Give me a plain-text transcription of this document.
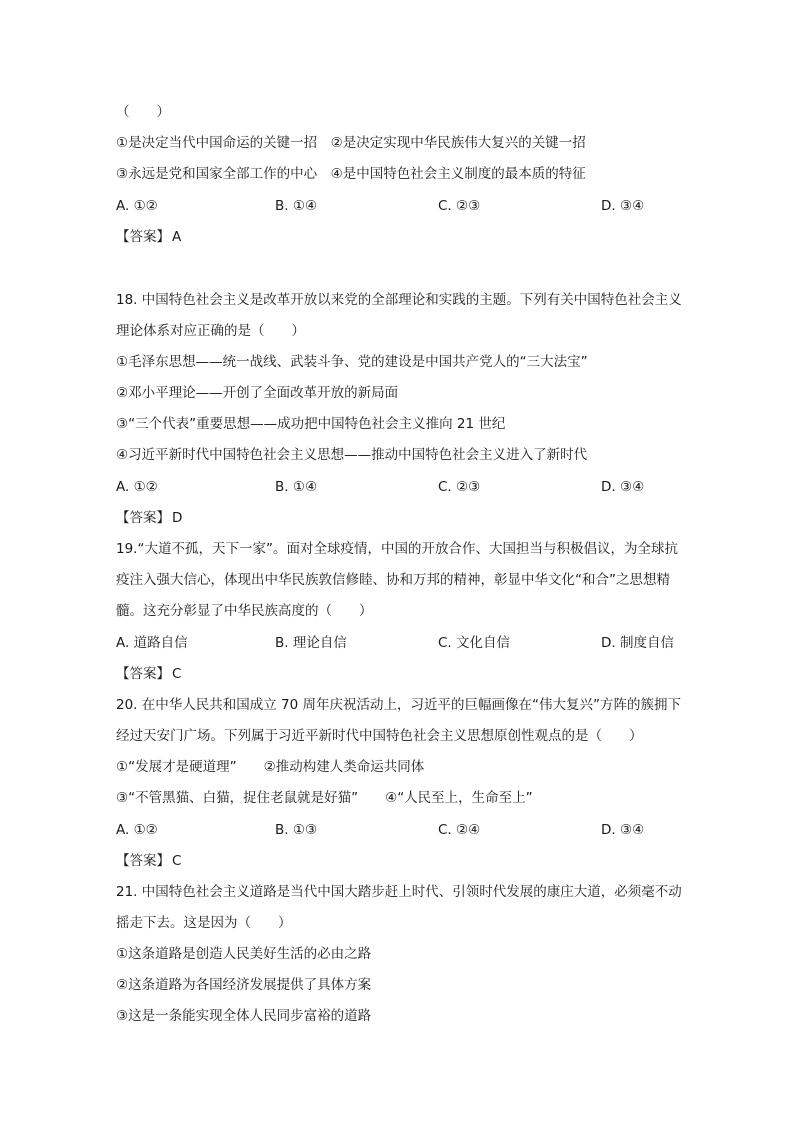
（　　）
①是决定当代中国命运的关键一招　②是决定实现中华民族伟大复兴的关键一招
③永远是党和国家全部工作的中心　④是中国特色社会主义制度的最本质的特征
A. ①②	B. ①④	C. ②③	D. ③④
【答案】 A
18. 中国特色社会主义是改革开放以来党的全部理论和实践的主题。下列有关中国特色社会主义
理论体系对应正确的是（　　）
①毛泽东思想——统一战线、武装斗争、党的建设是中国共产党人的“三大法宝”
②邓小平理论——开创了全面改革开放的新局面
③“三个代表”重要思想——成功把中国特色社会主义推向 21 世纪
④习近平新时代中国特色社会主义思想——推动中国特色社会主义进入了新时代
A. ①②	B. ①④	C. ②③	D. ③④
【答案】 D
19.“大道不孤，天下一家”。面对全球疫情，中国的开放合作、大国担当与积极倡议，为全球抗
疫注入强大信心，体现出中华民族敦信修睦、协和万邦的精神，彰显中华文化“和合”之思想精
髓。这充分彰显了中华民族高度的（　　）
A. 道路自信	B. 理论自信	C. 文化自信	D. 制度自信
【答案】 C
20. 在中华人民共和国成立 70 周年庆祝活动上，习近平的巨幅画像在“伟大复兴”方阵的簇拥下
经过天安门广场。下列属于习近平新时代中国特色社会主义思想原创性观点的是（　　）
①“发展才是硬道理”　　②推动构建人类命运共同体
③“不管黑猫、白猫，捉住老鼠就是好猫”　　④“人民至上，生命至上”
A. ①②	B. ①③	C. ②④	D. ③④
【答案】 C
21. 中国特色社会主义道路是当代中国大踏步赶上时代、引领时代发展的康庄大道，必须毫不动
摇走下去。这是因为（　　）
①这条道路是创造人民美好生活的必由之路
②这条道路为各国经济发展提供了具体方案
③这是一条能实现全体人民同步富裕的道路
